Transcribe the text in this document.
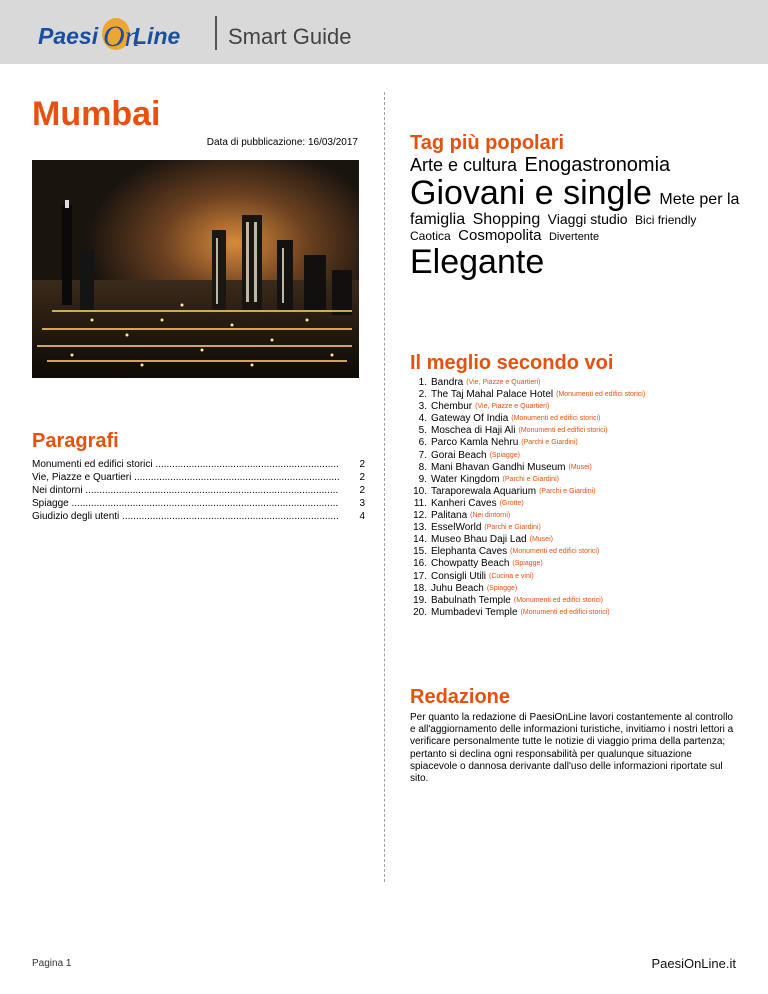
Paesi On
Line Smart Guide
Mumbai
Data di pubblicazione: 16/03/2017
Paragrafi
Monumenti ed edifici storici .....	2
Vie, Piazze e Quartieri .....	2
Nei dintorni .....	2
Spiagge .....	3
Giudizio degli utenti .....	4
Tag più popolari
Arte e cultura Enogastronomia Giovani e single Mete per la famiglia Shopping Viaggi studio Bici friendly Caotica Cosmopolita Divertente Elegante
Il meglio secondo voi
1. Bandra (Vie, Piazze e Quartieri)
2. The Taj Mahal Palace Hotel (Monumenti ed edifici storici)
3. Chembur (Vie, Piazze e Quartieri)
4. Gateway Of India (Monumenti ed edifici storici)
5. Moschea di Haji Ali (Monumenti ed edifici storici)
6. Parco Kamla Nehru (Parchi e Giardini)
7. Gorai Beach (Spiagge)
8. Mani Bhavan Gandhi Museum (Musei)
9. Water Kingdom (Parchi e Giardini)
10. Taraporewala Aquarium (Parchi e Giardini)
11. Kanheri Caves (Grotte)
12. Palitana (Nei dintorni)
13. EsselWorld (Parchi e Giardini)
14. Museo Bhau Daji Lad (Musei)
15. Elephanta Caves (Monumenti ed edifici storici)
16. Chowpatty Beach (Spiagge)
17. Consigli Utili (Cucina e vini)
18. Juhu Beach (Spiagge)
19. Babulnath Temple (Monumenti ed edifici storici)
20. Mumbadevi Temple (Monumenti ed edifici storici)
Redazione

Per quanto la redazione di PaesiOnLine lavori costantemente al controllo e all'aggiornamento delle informazioni turistiche, invitiamo i nostri lettori a verificare personalmente tutte le notizie di viaggio prima della partenza; pertanto si declina ogni responsabilità per qualunque situazione spiacevole o dannosa derivante dall'uso delle informazioni riportate sul sito.

Pagina 1	PaesiOnLine.it
